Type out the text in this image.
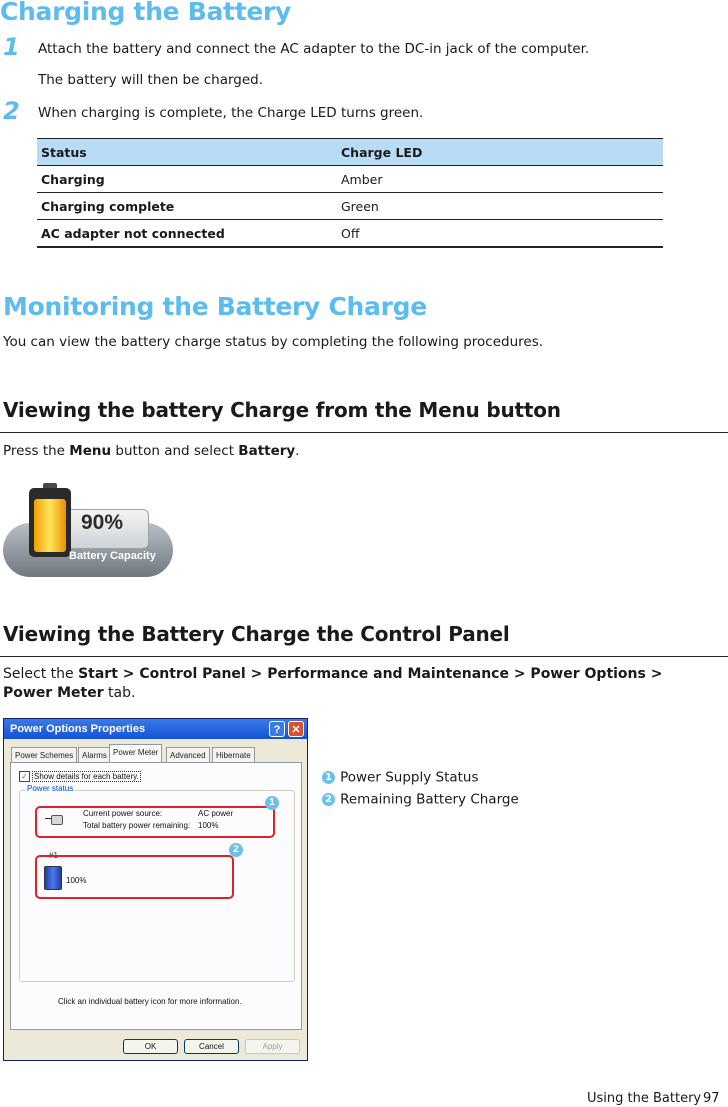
Charging the Battery
1 Attach the battery and connect the AC adapter to the DC-in jack of the computer.
The battery will then be charged.
2 When charging is complete, the Charge LED turns green.
Status	Charge LED
Charging	Amber
Charging complete	Green
AC adapter not connected	Off
Monitoring the Battery Charge
You can view the battery charge status by completing the following procedures.
Viewing the battery Charge from the Menu button
Press the Menu button and select Battery.
90%
Battery Capacity
Viewing the Battery Charge the Control Panel
Select the Start > Control Panel > Performance and Maintenance > Power Options >
Power Meter tab.
Power Options Properties	?	✕
Power Schemes	Alarms Power Meter	Advanced	Hibernate
✓ Show details for each battery.
Power status
Current power source:	AC power
Total battery power remaining: 100%
#1
100%
Click an individual battery icon for more information.
1
2
OK	Cancel	Apply
1 Power Supply Status
2 Remaining Battery Charge
Using the Battery 97
